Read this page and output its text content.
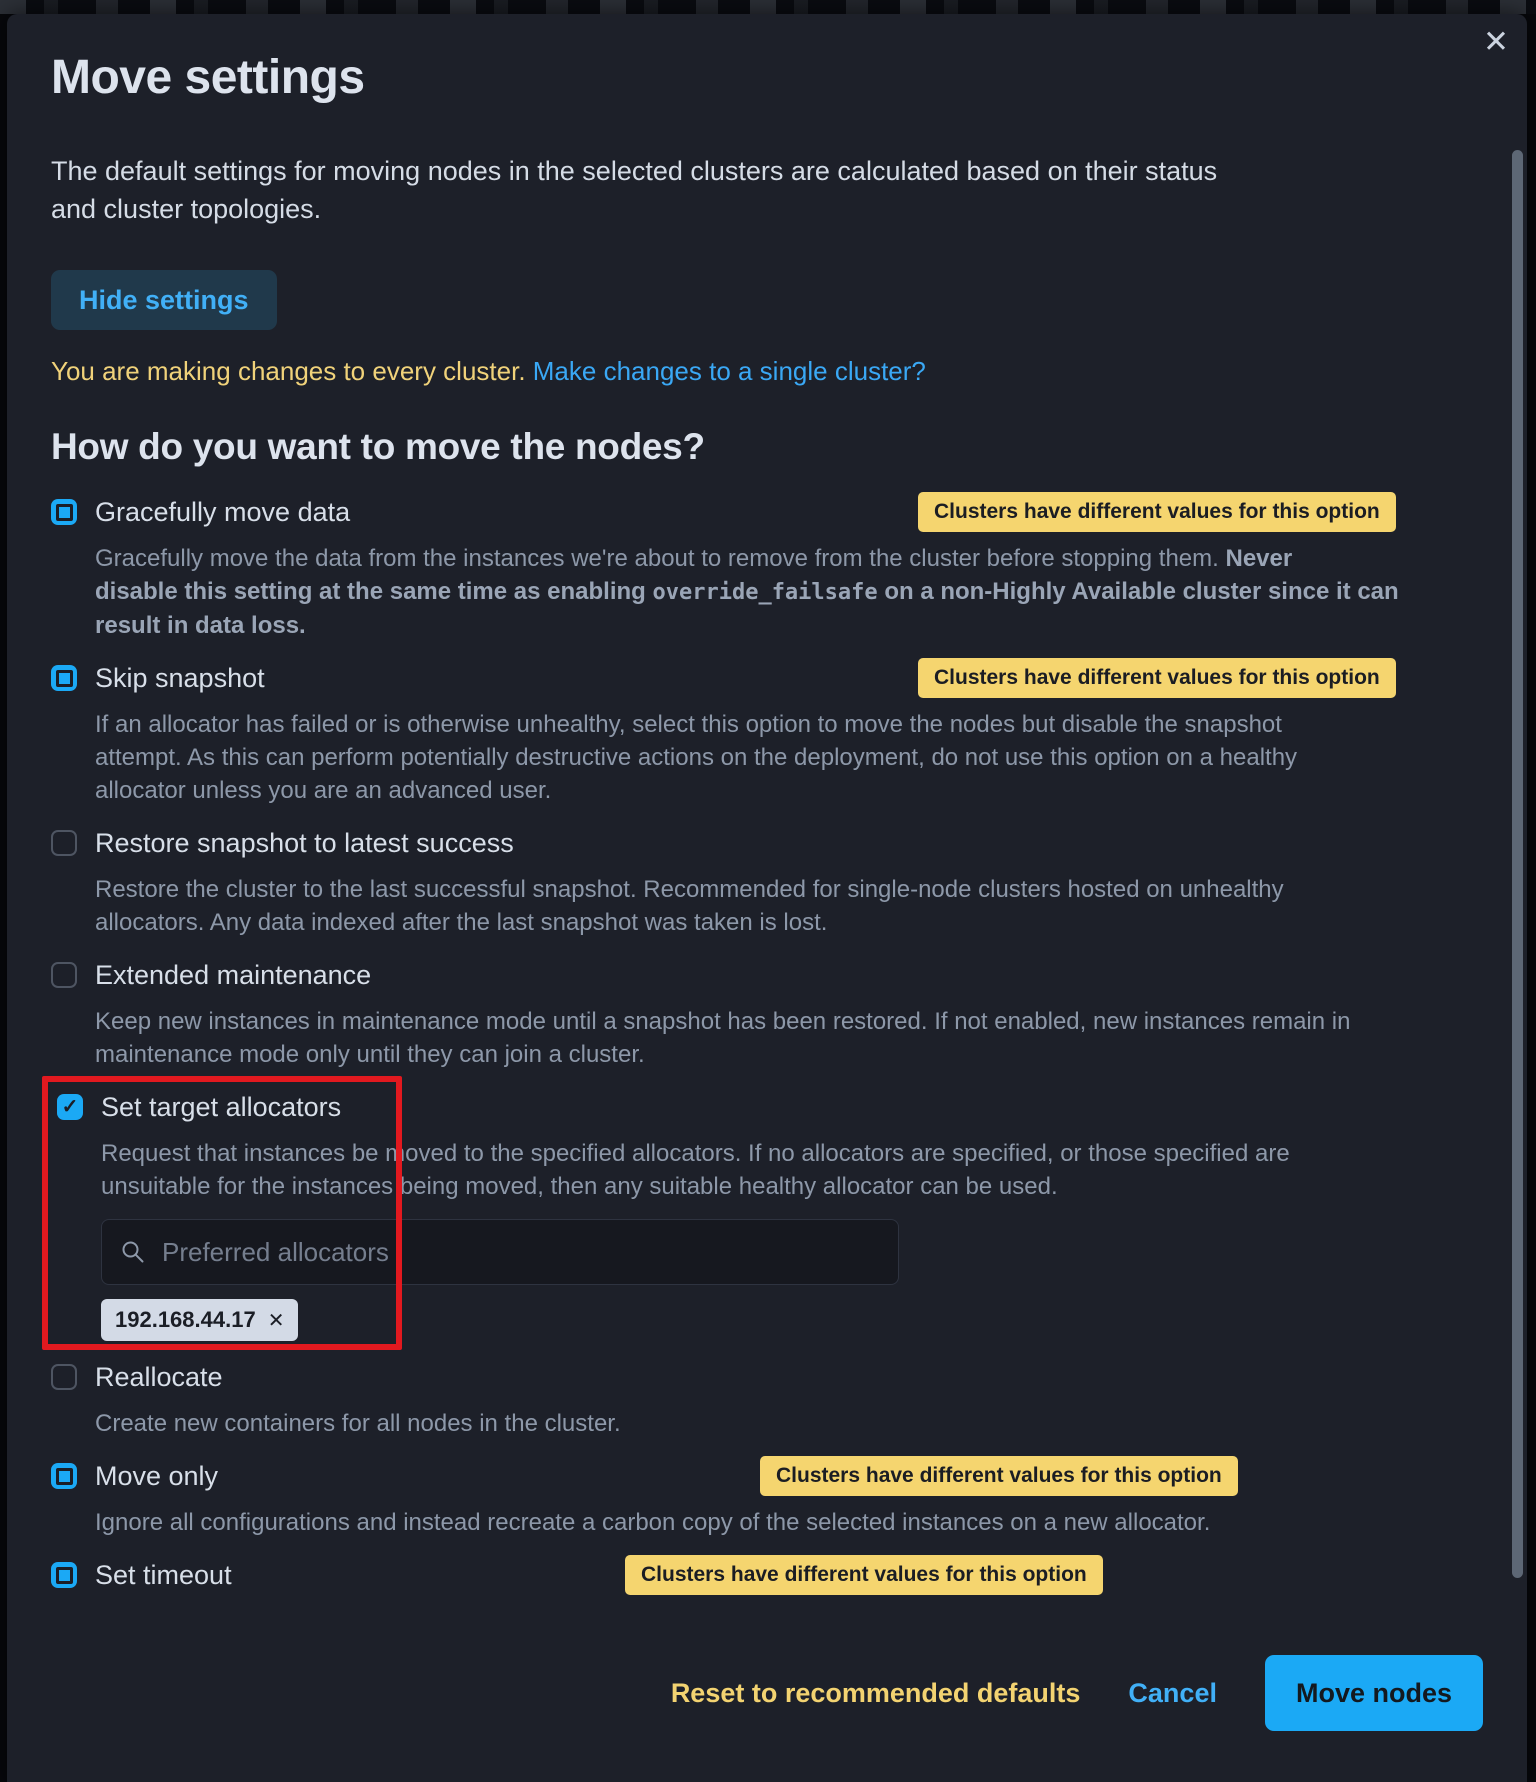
✕
Move settings

The default settings for moving nodes in the selected clusters are calculated based on their status and cluster topologies.

Hide settings
You are making changes to every cluster. Make changes to a single cluster?
How do you want to move the nodes?
Gracefully move data	Clusters have different values for this option
Gracefully move the data from the instances we're about to remove from the cluster before stopping them. Never
disable this setting at the same time as enabling override_failsafe on a non-Highly Available cluster since it can
result in data loss.
Skip snapshot	Clusters have different values for this option
If an allocator has failed or is otherwise unhealthy, select this option to move the nodes but disable the snapshot
attempt. As this can perform potentially destructive actions on the deployment, do not use this option on a healthy
allocator unless you are an advanced user.
Restore snapshot to latest success
Restore the cluster to the last successful snapshot. Recommended for single-node clusters hosted on unhealthy
allocators. Any data indexed after the last snapshot was taken is lost.
Extended maintenance
Keep new instances in maintenance mode until a snapshot has been restored. If not enabled, new instances remain in
maintenance mode only until they can join a cluster.
✓ Set target allocators
Request that instances be moved to the specified allocators. If no allocators are specified, or those specified are
unsuitable for the instances being moved, then any suitable healthy allocator can be used.
Preferred allocators
192.168.44.17 ✕
Reallocate
Create new containers for all nodes in the cluster.
Move only	Clusters have different values for this option
Ignore all configurations and instead recreate a carbon copy of the selected instances on a new allocator.
Set timeout	Clusters have different values for this option
Reset to recommended defaults Cancel	Move nodes
